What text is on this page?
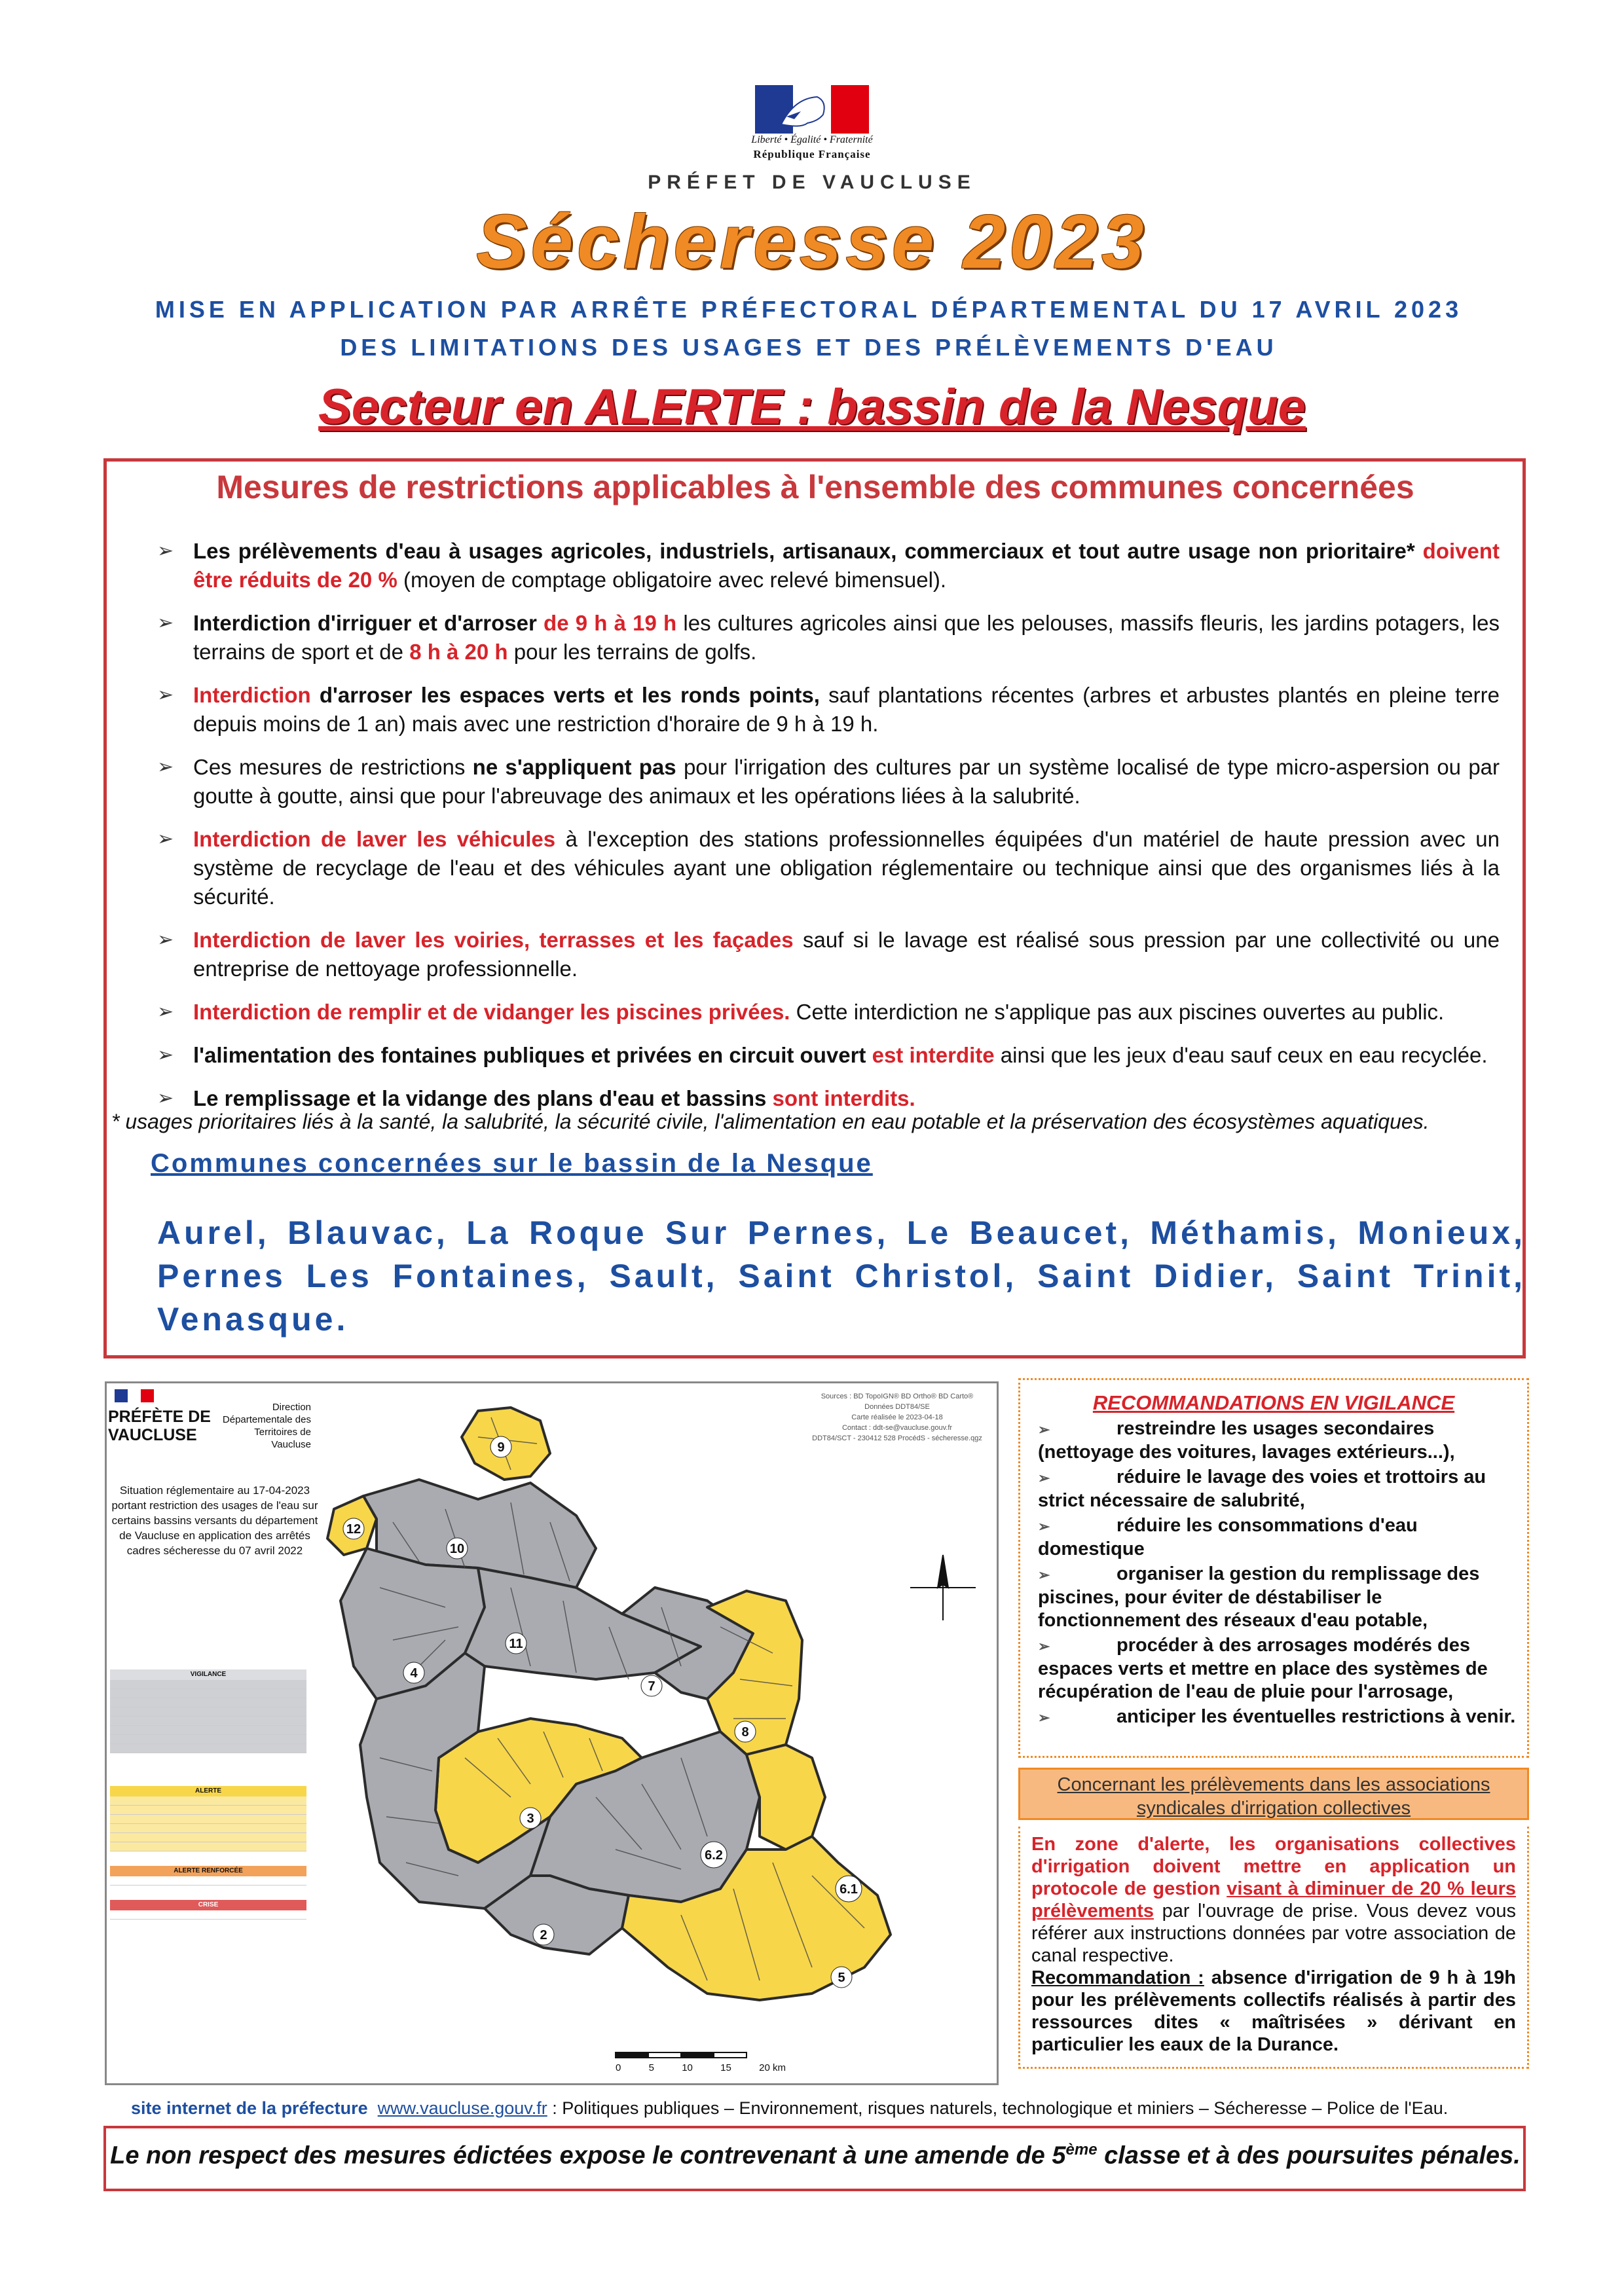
Liberté • Égalité • Fraternité
République Française
PRÉFET DE VAUCLUSE
Sécheresse 2023
MISE EN APPLICATION PAR ARRÊTE PRÉFECTORAL DÉPARTEMENTAL DU 17 AVRIL 2023
DES LIMITATIONS DES USAGES ET DES PRÉLÈVEMENTS D'EAU
Secteur en ALERTE : bassin de la Nesque
Mesures de restrictions applicables à l'ensemble des communes concernées
➢ Les prélèvements d'eau à usages agricoles, industriels, artisanaux, commerciaux et tout autre usage non prioritaire* doivent être réduits de 20 % (moyen de comptage obligatoire avec relevé bimensuel).
➢ Interdiction d'irriguer et d'arroser de 9 h à 19 h les cultures agricoles ainsi que les pelouses, massifs fleuris, les jardins potagers, les terrains de sport et de 8 h à 20 h pour les terrains de golfs.
➢ Interdiction d'arroser les espaces verts et les ronds points, sauf plantations récentes (arbres et arbustes plantés en pleine terre depuis moins de 1 an) mais avec une restriction d'horaire de 9 h à 19 h.
➢ Ces mesures de restrictions ne s'appliquent pas pour l'irrigation des cultures par un système localisé de type micro-aspersion ou par goutte à goutte, ainsi que pour l'abreuvage des animaux et les opérations liées à la salubrité.
➢ Interdiction de laver les véhicules à l'exception des stations professionnelles équipées d'un matériel de haute pression avec un système de recyclage de l'eau et des véhicules ayant une obligation réglementaire ou technique ainsi que des organismes liés à la sécurité.
➢ Interdiction de laver les voiries, terrasses et les façades sauf si le lavage est réalisé sous pression par une collectivité ou une entreprise de nettoyage professionnelle.
➢ Interdiction de remplir et de vidanger les piscines privées. Cette interdiction ne s'applique pas aux piscines ouvertes au public.
➢ l'alimentation des fontaines publiques et privées en circuit ouvert est interdite ainsi que les jeux d'eau sauf ceux en eau recyclée.
➢ Le remplissage et la vidange des plans d'eau et bassins sont interdits.
* usages prioritaires liés à la santé, la salubrité, la sécurité civile, l'alimentation en eau potable et la préservation des écosystèmes aquatiques.
Communes concernées sur le bassin de la Nesque
Aurel, Blauvac, La Roque Sur Pernes, Le Beaucet, Méthamis, Monieux, Pernes Les Fontaines, Sault, Saint Christol, Saint Didier, Saint Trinit, Venasque.
PRÉFÈTE DE VAUCLUSE
Direction Départementale des Territoires de Vaucluse
Situation réglementaire au 17-04-2023 portant restriction des usages de l'eau sur certains bassins versants du département de Vaucluse en application des arrêtés cadres sécheresse du 07 avril 2022
Sources : BD TopoIGN® BD Ortho® BD Carto®
Données DDT84/SE
Carte réalisée le 2023-04-18
Contact : ddt-se@vaucluse.gouv.fr
DDT84/SCT - 230412 528 ProcédS - sécheresse.qgz
VIGILANCE

ALERTE

ALERTE RENFORCÉE

CRISE

9
12
10
11
4
7
8
3
6.2
6.1
2
5
0	5	10	15	20 km
RECOMMANDATIONS EN VIGILANCE
➢	restreindre les usages secondaires (nettoyage des voitures, lavages extérieurs...),
➢	réduire le lavage des voies et trottoirs au strict nécessaire de salubrité,
➢	réduire les consommations d'eau domestique
➢	organiser la gestion du remplissage des piscines, pour éviter de déstabiliser le fonctionnement des réseaux d'eau potable,
➢	procéder à des arrosages modérés des espaces verts et mettre en place des systèmes de récupération de l'eau de pluie pour l'arrosage,
➢	anticiper les éventuelles restrictions à venir.
Concernant les prélèvements dans les associations syndicales d'irrigation collectives
En zone d'alerte, les organisations collectives d'irrigation doivent mettre en application un protocole de gestion visant à diminuer de 20 % leurs prélèvements par l'ouvrage de prise. Vous devez vous référer aux instructions données par votre association de canal respective.
Recommandation : absence d'irrigation de 9 h à 19h pour les prélèvements collectifs réalisés à partir des ressources dites « maîtrisées » dérivant en particulier les eaux de la Durance.
site internet de la préfecture www.vaucluse.gouv.fr : Politiques publiques – Environnement, risques naturels, technologique et miniers – Sécheresse – Police de l'Eau.
Le non respect des mesures édictées expose le contrevenant à une amende de 5ème classe et à des poursuites pénales.
